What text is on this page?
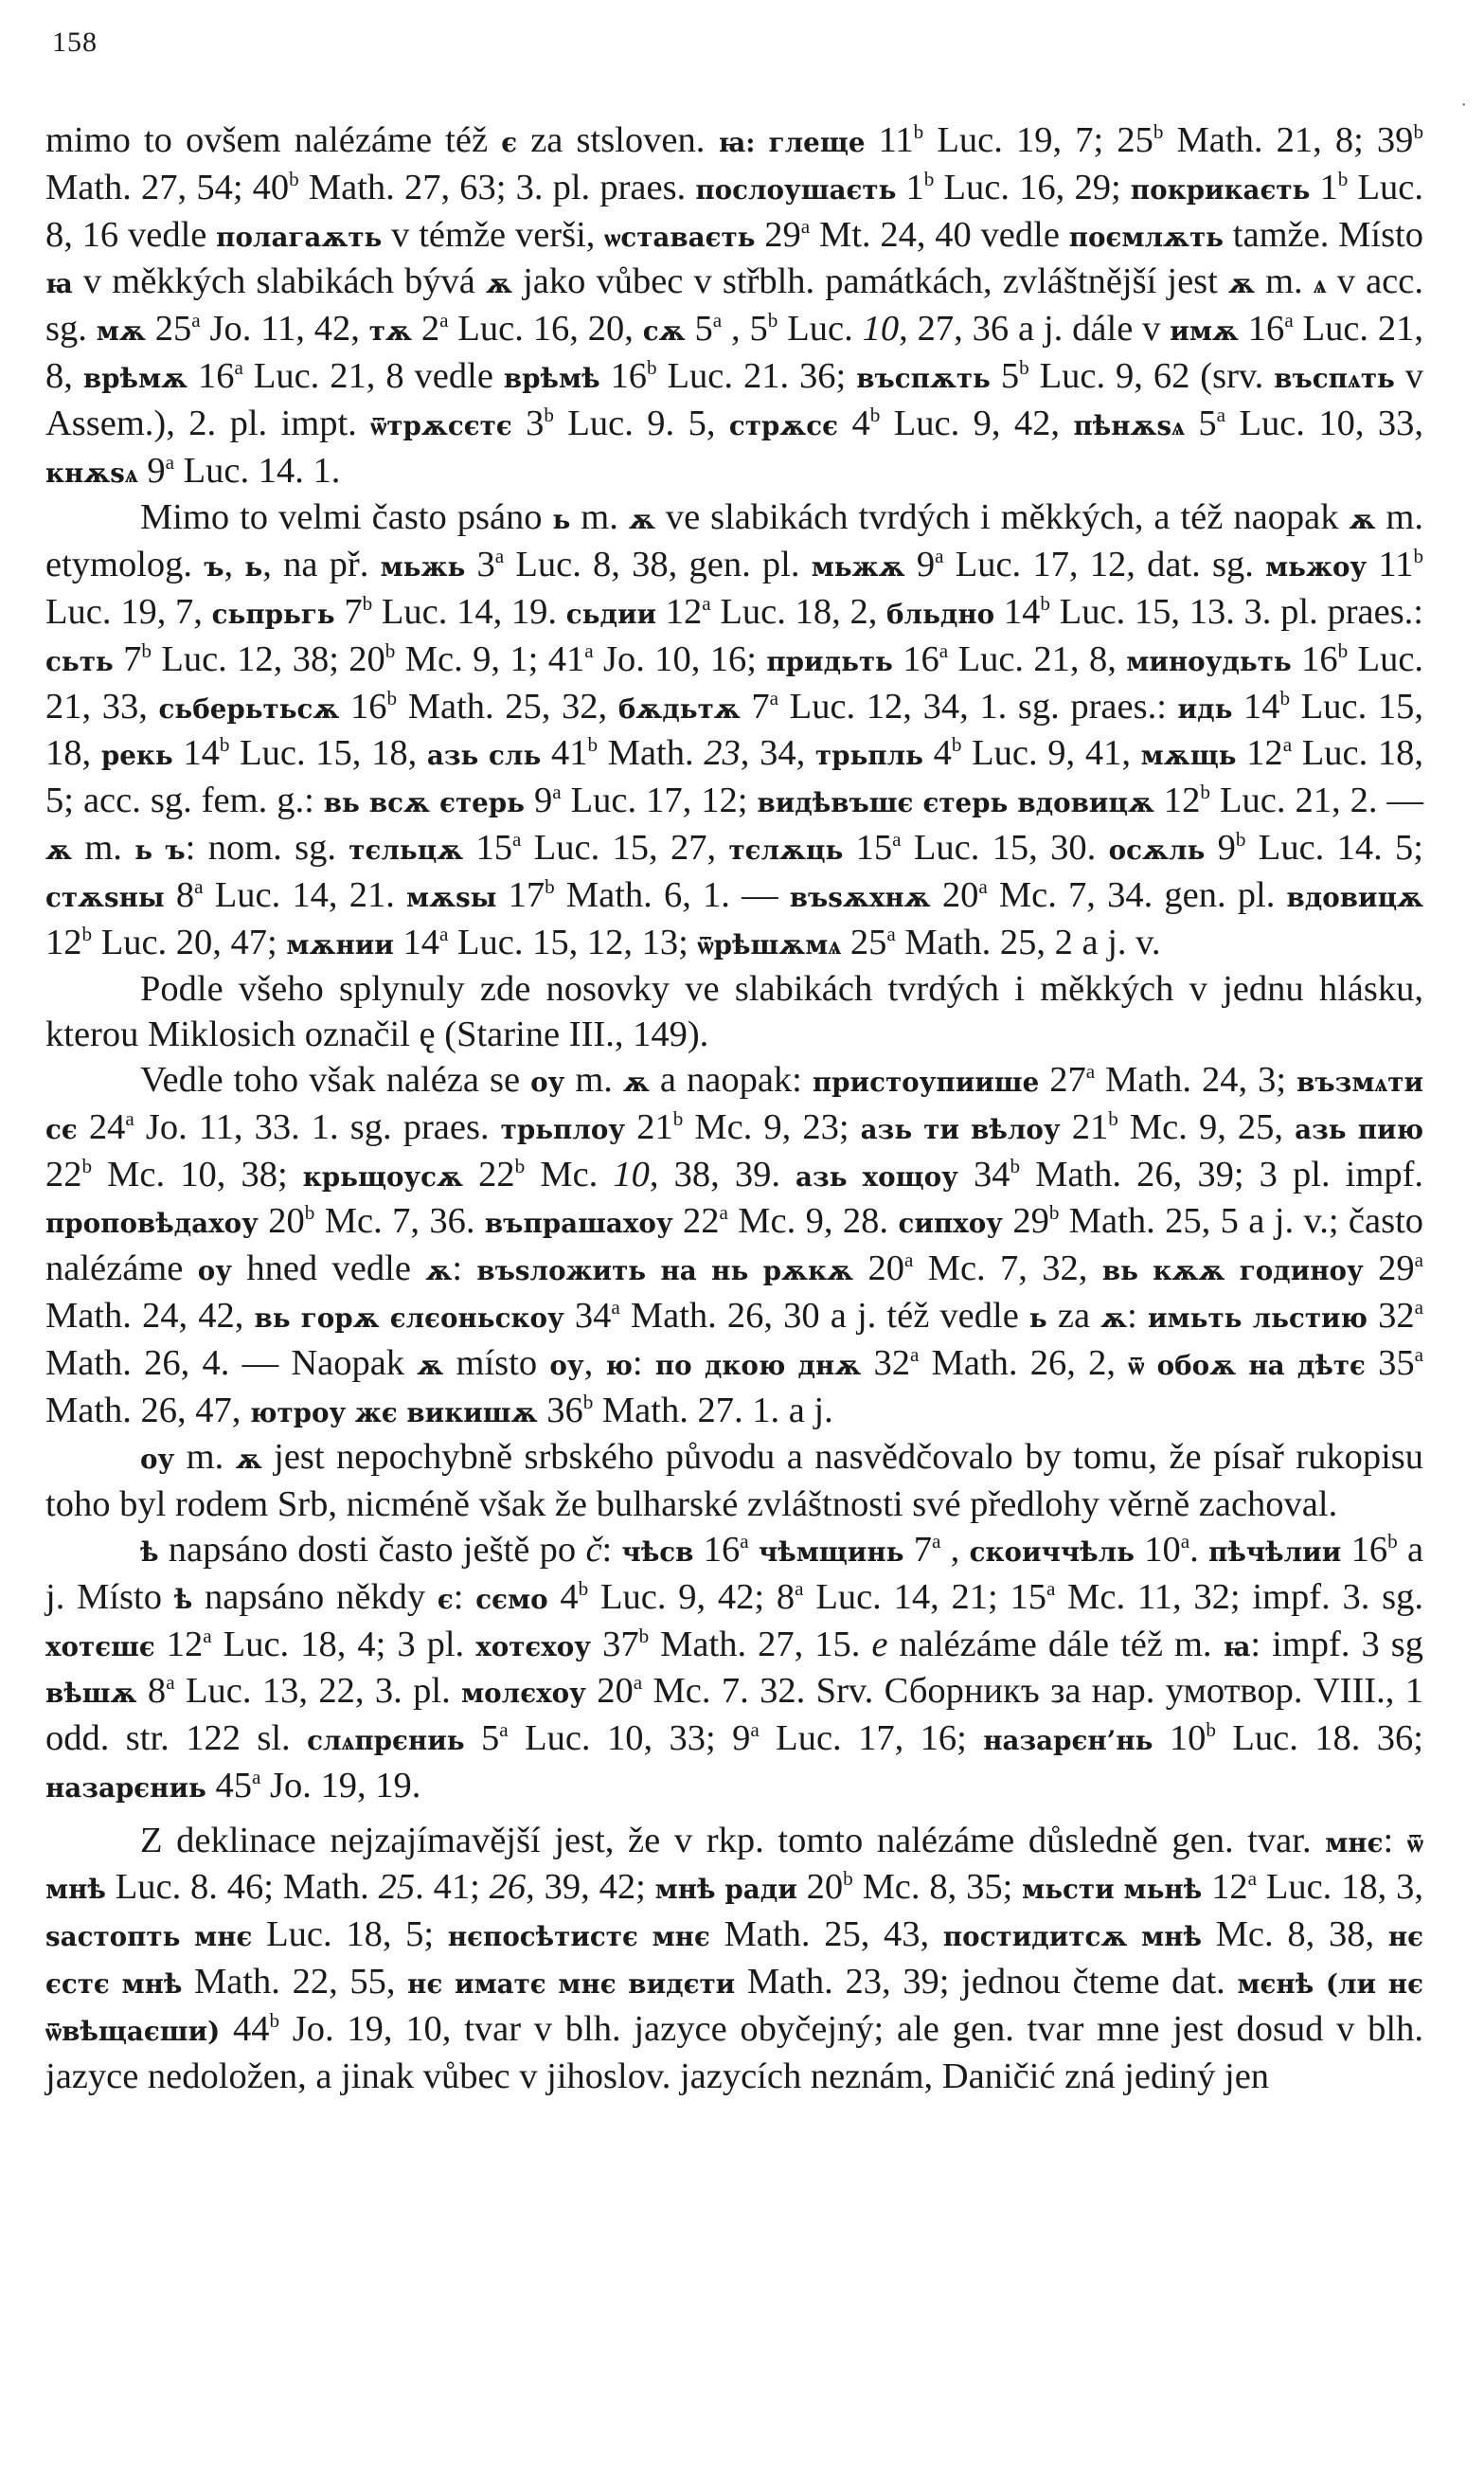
158
·

mimo to ovšem nalézáme též є za stsloven. ꙗ: глеще 11$^b$ Luc. 19, 7; 25$^b$ Math. 21, 8; 39$^b$ Math. 27, 54; 40$^b$ Math. 27, 63; 3. pl. praes. послоушаєть 1$^b$ Luc. 16, 29; покрикаєть 1$^b$ Luc. 8, 16 vedle полагаѫть v témže verši, ѡставаєть 29$^a$ Mt. 24, 40 vedle поємлѫть tamže. Místo ꙗ v měkkých slabikách bývá ѫ jako vůbec v střblh. památkách, zvláštnější jest ѫ m. ѧ v acc. sg. мѫ 25$^a$ Jo. 11, 42, тѫ 2$^a$ Luc. 16, 20, сѫ 5$^a$ , 5$^b$ Luc. 10, 27, 36 a j. dále v имѫ 16$^a$ Luc. 21, 8, врѣмѫ 16$^a$ Luc. 21, 8 vedle врѣмѣ 16$^b$ Luc. 21. 36; въспѫть 5$^b$ Luc. 9, 62 (srv. въспѧть v Assem.), 2. pl. impt. ѿтрѫсєтє 3$^b$ Luc. 9. 5, стрѫсє 4$^b$ Luc. 9, 42, пѣнѫѕѧ 5$^a$ Luc. 10, 33, кнѫѕѧ 9$^a$ Luc. 14. 1.

Mimo to velmi často psáno ь m. ѫ ve slabikách tvrdých i měkkých, a též naopak ѫ m. etymolog. ъ, ь, na př. мьжь 3$^a$ Luc. 8, 38, gen. pl. мьжѫ 9$^a$ Luc. 17, 12, dat. sg. мьжоу 11$^b$ Luc. 19, 7, сьпрьгь 7$^b$ Luc. 14, 19. сьдии 12$^a$ Luc. 18, 2, бльдно 14$^b$ Luc. 15, 13. 3. pl. praes.: сьть 7$^b$ Luc. 12, 38; 20$^b$ Mc. 9, 1; 41$^a$ Jo. 10, 16; придьть 16$^a$ Luc. 21, 8, минoудьть 16$^b$ Luc. 21, 33, сьберьтьсѫ 16$^b$ Math. 25, 32, бѫдьтѫ 7$^a$ Luc. 12, 34, 1. sg. praes.: идь 14$^b$ Luc. 15, 18, рекь 14$^b$ Luc. 15, 18, азь сль 41$^b$ Math. 23, 34, трьпль 4$^b$ Luc. 9, 41, мѫщь 12$^a$ Luc. 18, 5; acc. sg. fem. g.: вь всѫ єтерь 9$^a$ Luc. 17, 12; видѣвъшє єтерь вдовицѫ 12$^b$ Luc. 21, 2. — ѫ m. ь ъ: nom. sg. тєльцѫ 15$^a$ Luc. 15, 27, тєлѫць 15$^a$ Luc. 15, 30. осѫль 9$^b$ Luc. 14. 5; стѫѕны 8$^a$ Luc. 14, 21. мѫѕы 17$^b$ Math. 6, 1. — въѕѫхнѫ 20$^a$ Mc. 7, 34. gen. pl. вдовицѫ 12$^b$ Luc. 20, 47; мѫнии 14$^a$ Luc. 15, 12, 13; ѿрѣшѫмѧ 25$^a$ Math. 25, 2 a j. v.

Podle všeho splynuly zde nosovky ve slabikách tvrdých i měkkých v jednu hlásku, kterou Miklosich označil ę (Starine III., 149).

Vedle toho však naléza se оу m. ѫ a naopak: пристоупиише 27$^a$ Math. 24, 3; възмѧти сє 24$^a$ Jo. 11, 33. 1. sg. praes. трьплоу 21$^b$ Mc. 9, 23; азь ти вѣлоу 21$^b$ Mc. 9, 25, азь пию 22$^b$ Mc. 10, 38; крьщоусѫ 22$^b$ Mc. 10, 38, 39. азь хощоу 34$^b$ Math. 26, 39; 3 pl. impf. проповѣдахоу 20$^b$ Mc. 7, 36. въпрашахоу 22$^a$ Mc. 9, 28. сипхоу 29$^b$ Math. 25, 5 a j. v.; často nalézáme оу hned vedle ѫ: въѕложить на нь рѫкѫ 20$^a$ Mc. 7, 32, вь кѫѫ годиноу 29$^a$ Math. 24, 42, вь горѫ єлєоньскоу 34$^a$ Math. 26, 30 a j. též vedle ь za ѫ: имьть льстию 32$^a$ Math. 26, 4. — Naopak ѫ místo оу, ю: по дкою днѫ 32$^a$ Math. 26, 2, ѿ обоѫ на дѣтє 35$^a$ Math. 26, 47, ютроу жє викишѫ 36$^b$ Math. 27. 1. a j.

оу m. ѫ jest nepochybně srbského původu a nasvědčovalo by tomu, že písař rukopisu toho byl rodem Srb, nicméně však že bulharské zvláštnosti své předlohy věrně zachoval.

ѣ napsáno dosti často ještě po č: чѣсв 16$^a$ чѣмщинь 7$^a$ , скоиччѣль 10$^a$. пѣчѣлии 16$^b$ a j. Místo ѣ napsáno někdy є: сємо 4$^b$ Luc. 9, 42; 8$^a$ Luc. 14, 21; 15$^a$ Mc. 11, 32; impf. 3. sg. хотєшє 12$^a$ Luc. 18, 4; 3 pl. хотєхоу 37$^b$ Math. 27, 15. e nalézáme dále též m. ꙗ: impf. 3 sg вѣшѫ 8$^a$ Luc. 13, 22, 3. pl. молєхоу 20$^a$ Mc. 7. 32. Srv. Сборникъ за нар. умотвор. VIII., 1 odd. str. 122 sl. слѧпрєниь 5$^a$ Luc. 10, 33; 9$^a$ Luc. 17, 16; назарєн’нь 10$^b$ Luc. 18. 36; назарєниь 45$^a$ Jo. 19, 19.

Z deklinace nejzajímavější jest, že v rkp. tomto nalézáme důsledně gen. tvar. мнє: ѿ мнѣ Luc. 8. 46; Math. 25. 41; 26, 39, 42; мнѣ ради 20$^b$ Mc. 8, 35; мьсти мьнѣ 12$^a$ Luc. 18, 3, ѕастопть мнє Luc. 18, 5; нєпосѣтистє мнє Math. 25, 43, постидитсѫ мнѣ Mc. 8, 38, нє єстє мнѣ Math. 22, 55, нє иматє мнє видєти Math. 23, 39; jednou čteme dat. мєнѣ (ли нє ѿвѣщаєши) 44$^b$ Jo. 19, 10, tvar v blh. jazyce obyčejný; ale gen. tvar mne jest dosud v blh. jazyce nedoložen, a jinak vůbec v jihoslov. jazycích neznám, Daničić zná jediný jen
